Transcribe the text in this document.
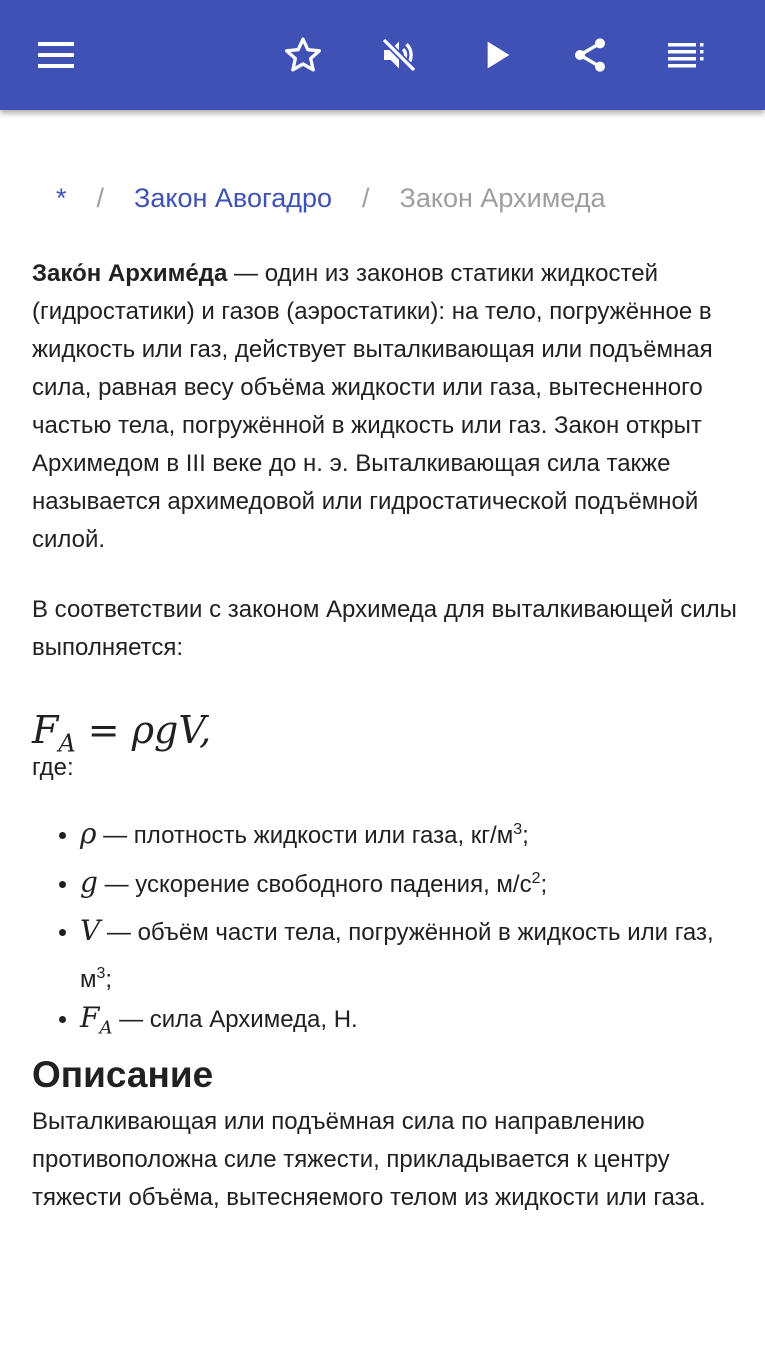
* / Закон Авогадро / Закон Архимеда

Зако́н Архиме́да — один из законов статики жидкостей (гидростатики) и газов (аэростатики): на тело, погружённое в жидкость или газ, действует выталкивающая или подъёмная сила, равная весу объёма жидкости или газа, вытесненного частью тела, погружённой в жидкость или газ. Закон открыт Архимедом в III веке до н. э. Выталкивающая сила также называется архимедовой или гидростатической подъёмной силой.

В соответствии с законом Архимеда для выталкивающей силы выполняется:

$F_A = \rho gV$,
где:
• ρ — плотность жидкости или газа, $кг/м^3$;
• g — ускорение свободного падения, $м/с^2$;
• V — объём части тела, погружённой в жидкость или газ, $м^3$;
• $F_A$ — сила Архимеда, Н.
Описание

Выталкивающая или подъёмная сила по направлению противоположна силе тяжести, прикладывается к центру тяжести объёма, вытесняемого телом из жидкости или газа.
